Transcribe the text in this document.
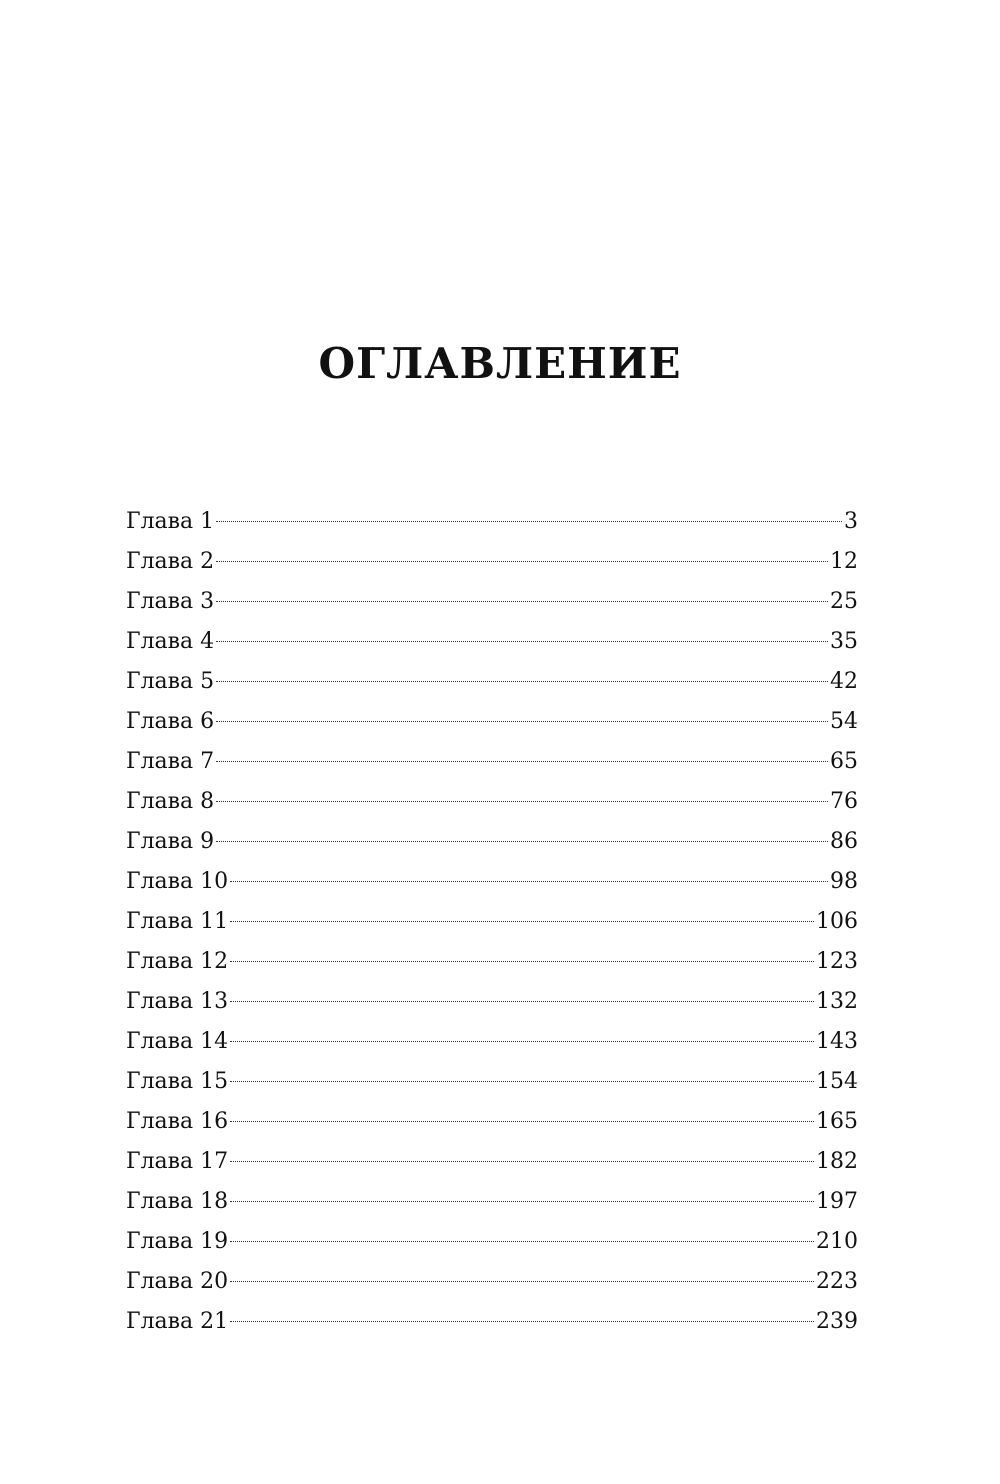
ОГЛАВЛЕНИЕ
Глава 1	3
Глава 2	12
Глава 3	25
Глава 4	35
Глава 5	42
Глава 6	54
Глава 7	65
Глава 8	76
Глава 9	86
Глава 10	98
Глава 11	106
Глава 12	123
Глава 13	132
Глава 14	143
Глава 15	154
Глава 16	165
Глава 17	182
Глава 18	197
Глава 19	210
Глава 20	223
Глава 21	239
